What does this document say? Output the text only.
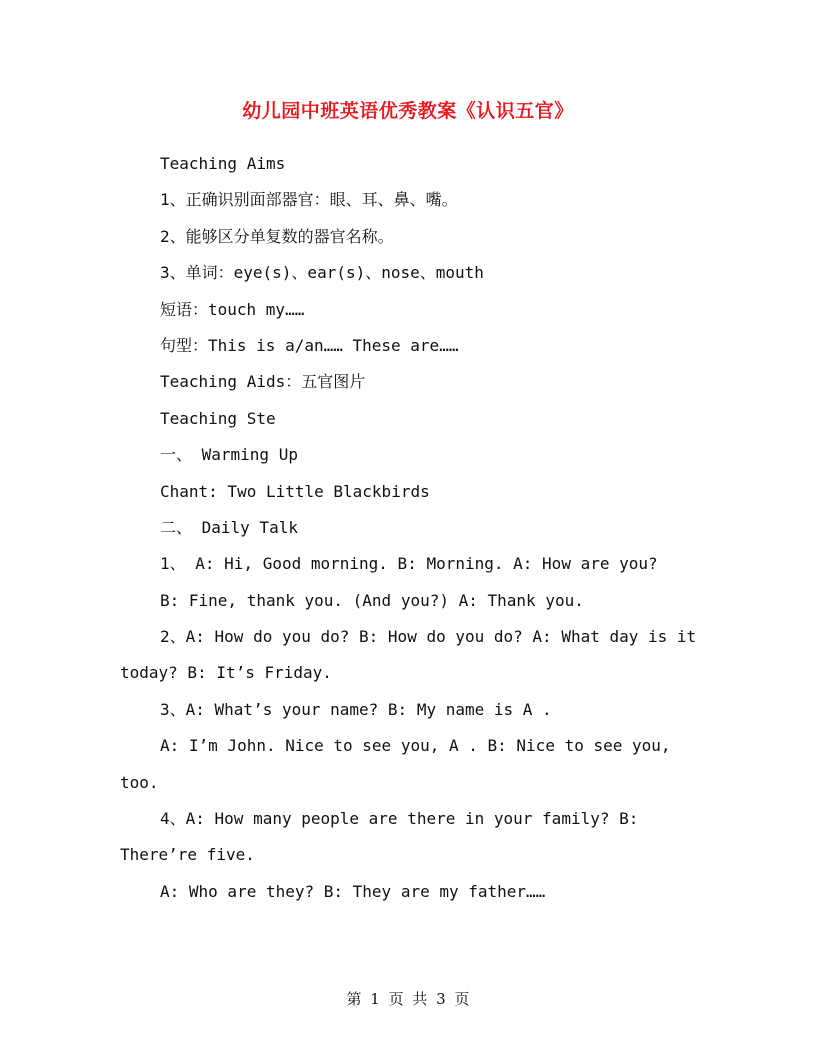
幼儿园中班英语优秀教案《认识五官》
Teaching Aims
1、正确识别面部器官：眼、耳、鼻、嘴。
2、能够区分单复数的器官名称。
3、单词：eye(s)、ear(s)、nose、mouth
短语：touch my……
句型：This is a/an…… These are……
Teaching Aids：五官图片
Teaching Ste
一、 Warming Up
Chant: Two Little Blackbirds
二、 Daily Talk
1、 A: Hi, Good morning. B: Morning. A: How are you?
B: Fine, thank you. (And you?) A: Thank you.
2、A: How do you do? B: How do you do? A: What day is it
today? B: It’s Friday.
3、A: What’s your name? B: My name is A .
A: I’m John. Nice to see you, A . B: Nice to see you,
too.
4、A: How many people are there in your family? B:
There’re five.
A: Who are they? B: They are my father……
第 1 页 共 3 页
